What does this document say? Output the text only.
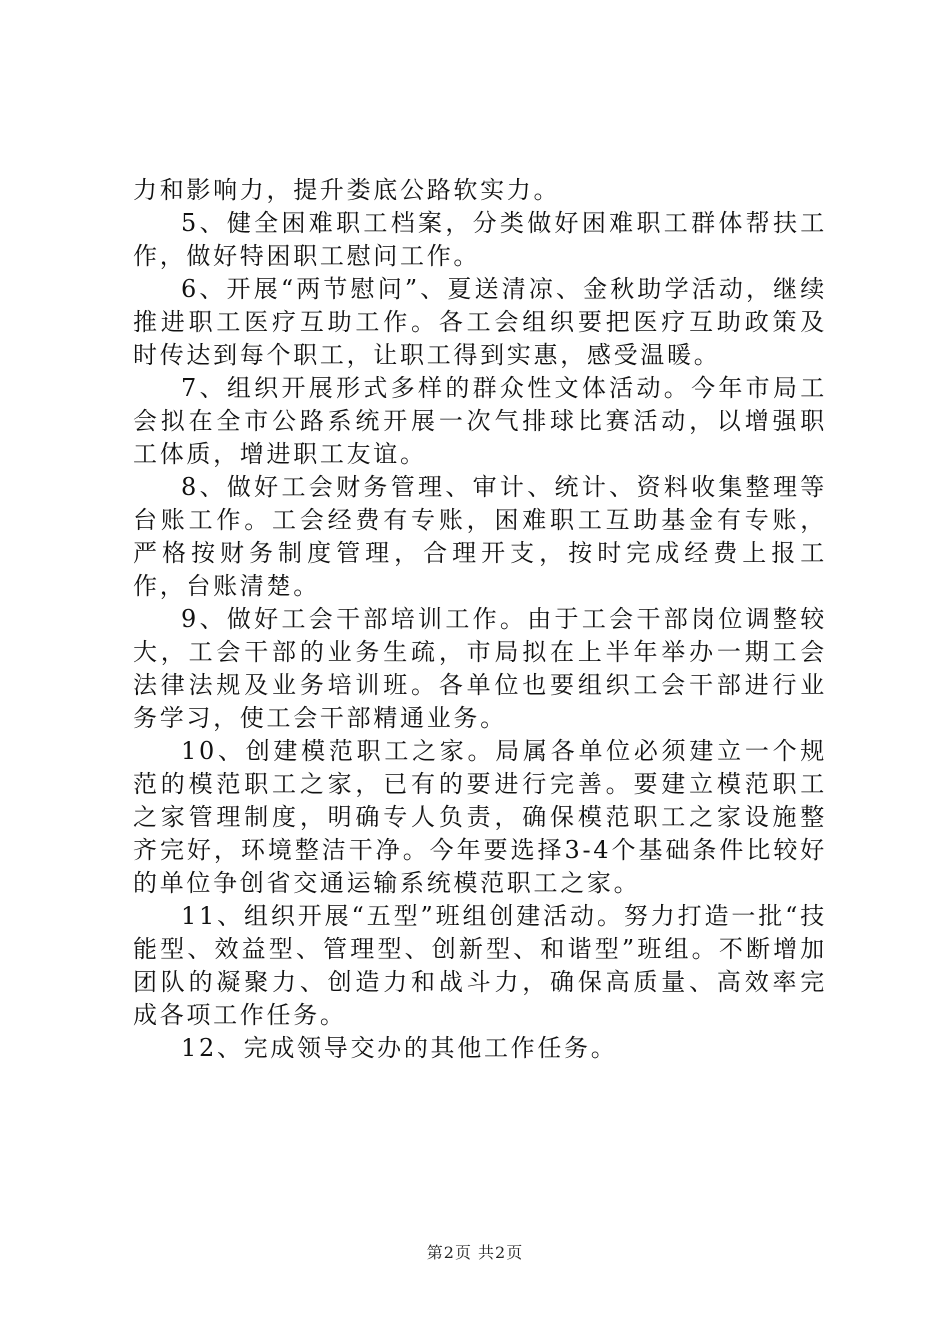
力和影响力，提升娄底公路软实力。

5、健全困难职工档案，分类做好困难职工群体帮扶工作，做好特困职工慰问工作。

6、开展“两节慰问”、夏送清凉、金秋助学活动，继续推进职工医疗互助工作。各工会组织要把医疗互助政策及时传达到每个职工，让职工得到实惠，感受温暖。

7、组织开展形式多样的群众性文体活动。今年市局工会拟在全市公路系统开展一次气排球比赛活动，以增强职工体质，增进职工友谊。

8、做好工会财务管理、审计、统计、资料收集整理等台账工作。工会经费有专账，困难职工互助基金有专账，严格按财务制度管理，合理开支，按时完成经费上报工作，台账清楚。

9、做好工会干部培训工作。由于工会干部岗位调整较大，工会干部的业务生疏，市局拟在上半年举办一期工会法律法规及业务培训班。各单位也要组织工会干部进行业务学习，使工会干部精通业务。

10、创建模范职工之家。局属各单位必须建立一个规范的模范职工之家，已有的要进行完善。要建立模范职工之家管理制度，明确专人负责，确保模范职工之家设施整齐完好，环境整洁干净。今年要选择3-4个基础条件比较好的单位争创省交通运输系统模范职工之家。

11、组织开展“五型”班组创建活动。努力打造一批“技能型、效益型、管理型、创新型、和谐型”班组。不断增加团队的凝聚力、创造力和战斗力，确保高质量、高效率完成各项工作任务。

12、完成领导交办的其他工作任务。

第2页 共2页
